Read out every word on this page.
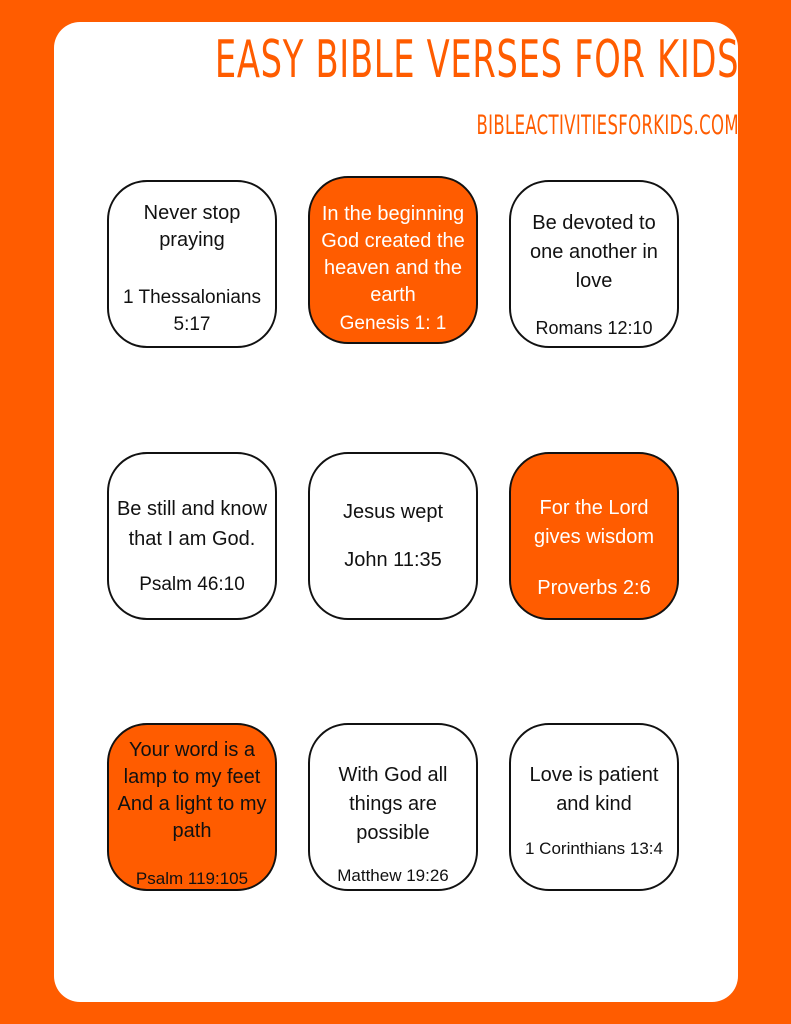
EASY BIBLE VERSES FOR KIDS
BIBLEACTIVITIESFORKIDS.COM
Never stop
praying
1 Thessalonians
5:17
In the beginning
God created the
heaven and the
earth
Genesis 1: 1
Be devoted to
one another in
love
Romans 12:10
Be still and know
that I am God.
Psalm 46:10
Jesus wept
John 11:35
For the Lord
gives wisdom
Proverbs 2:6
Your word is a
lamp to my feet
And a light to my
path
Psalm 119:105
With God all
things are
possible
Matthew 19:26
Love is patient
and kind
1 Corinthians 13:4
